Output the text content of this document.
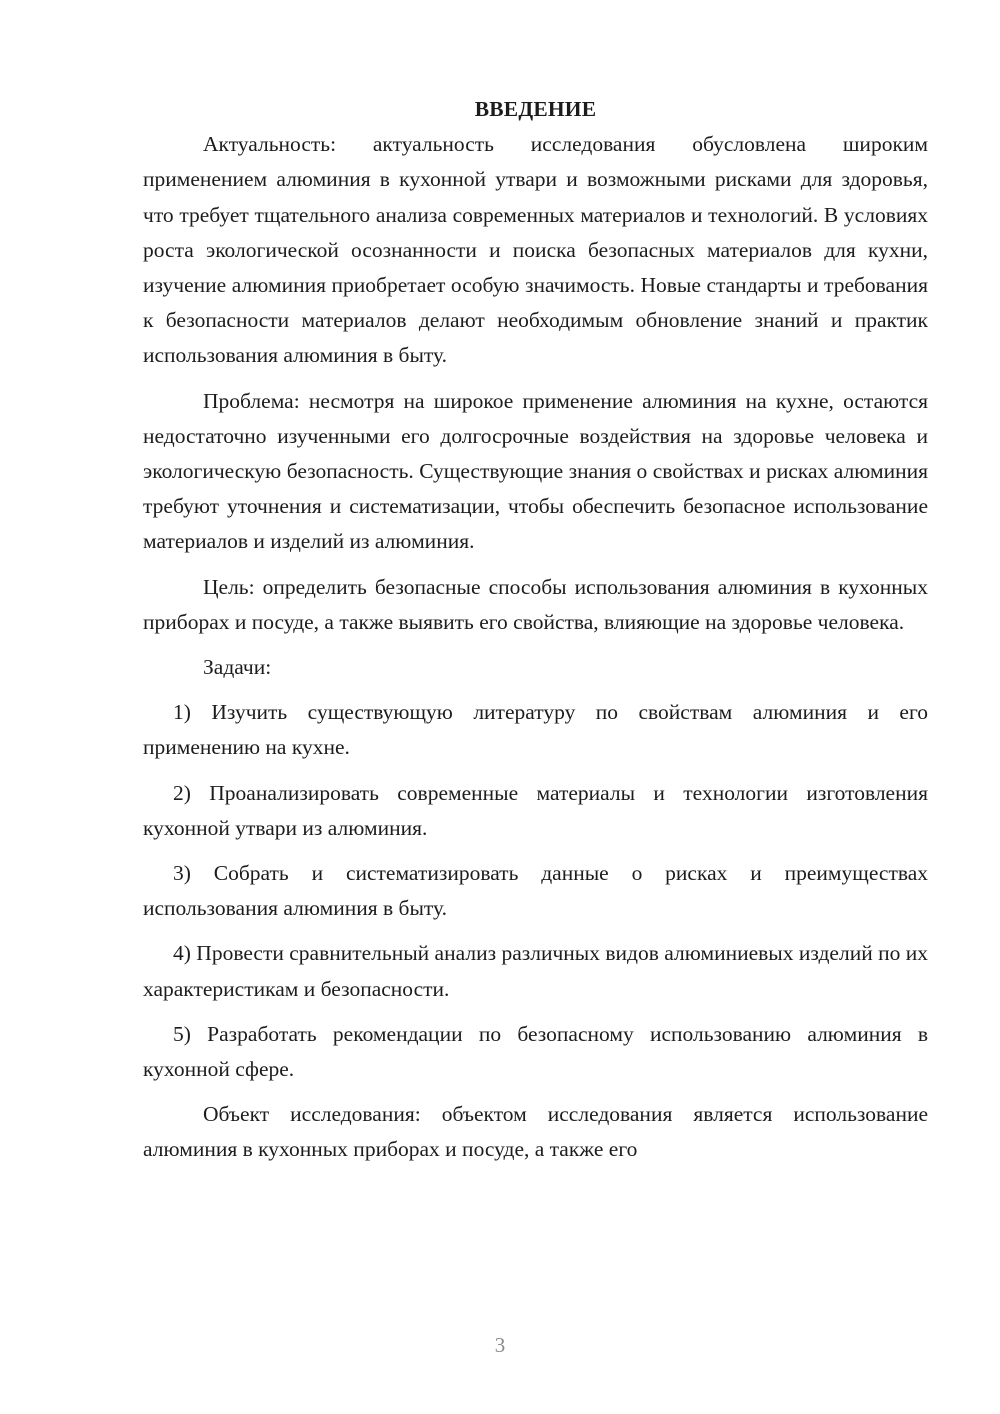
ВВЕДЕНИЕ

Актуальность: актуальность исследования обусловлена широким применением алюминия в кухонной утвари и возможными рисками для здоровья, что требует тщательного анализа современных материалов и технологий. В условиях роста экологической осознанности и поиска безопасных материалов для кухни, изучение алюминия приобретает особую значимость. Новые стандарты и требования к безопасности материалов делают необходимым обновление знаний и практик использования алюминия в быту.

Проблема: несмотря на широкое применение алюминия на кухне, остаются недостаточно изученными его долгосрочные воздействия на здоровье человека и экологическую безопасность. Существующие знания о свойствах и рисках алюминия требуют уточнения и систематизации, чтобы обеспечить безопасное использование материалов и изделий из алюминия.

Цель: определить безопасные способы использования алюминия в кухонных приборах и посуде, а также выявить его свойства, влияющие на здоровье человека.

Задачи:

1) Изучить существующую литературу по свойствам алюминия и его применению на кухне.

2) Проанализировать современные материалы и технологии изготовления кухонной утвари из алюминия.

3) Собрать и систематизировать данные о рисках и преимуществах использования алюминия в быту.

4) Провести сравнительный анализ различных видов алюминиевых изделий по их характеристикам и безопасности.

5) Разработать рекомендации по безопасному использованию алюминия в кухонной сфере.

Объект исследования: объектом исследования является использование алюминия в кухонных приборах и посуде, а также его

3
